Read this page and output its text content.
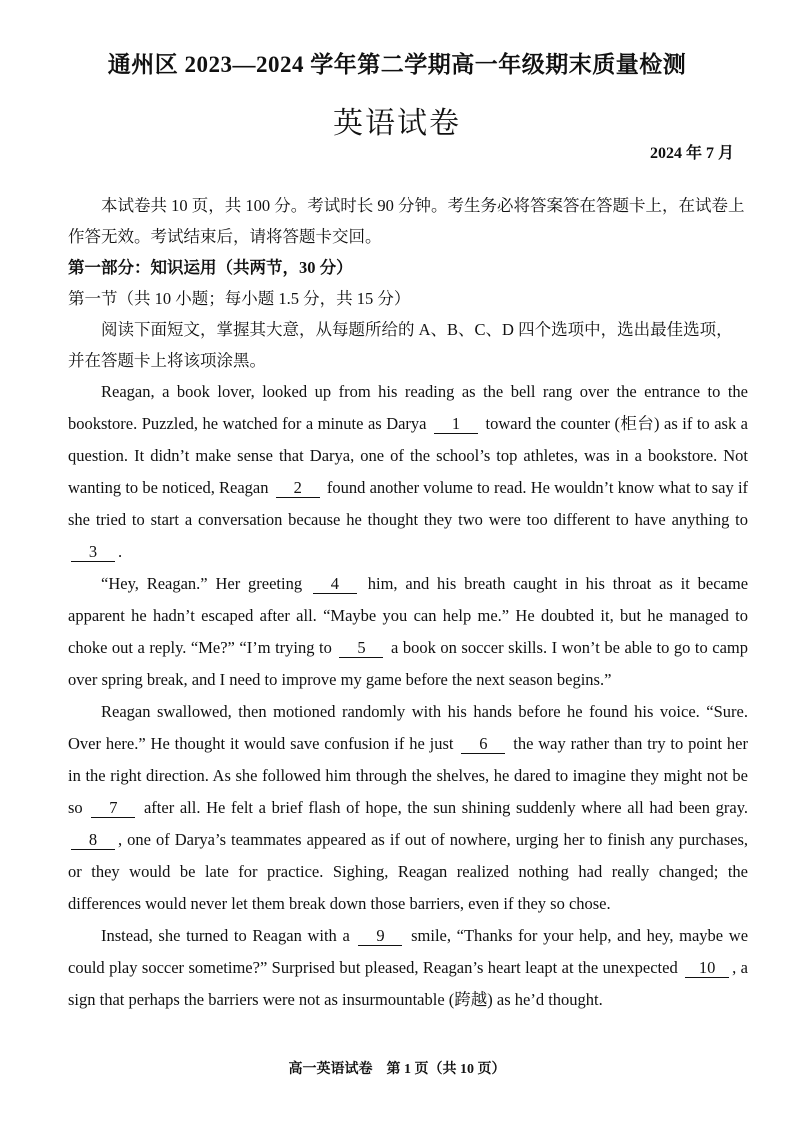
通州区 2023—2024 学年第二学期高一年级期末质量检测
英语试卷
2024 年 7 月

本试卷共 10 页，共 100 分。考试时长 90 分钟。考生务必将答案答在答题卡上，在试卷上作答无效。考试结束后，请将答题卡交回。

第一部分：知识运用（共两节，30 分）

第一节（共 10 小题；每小题 1.5 分，共 15 分）

阅读下面短文，掌握其大意，从每题所给的 A、B、C、D 四个选项中，选出最佳选项，并在答题卡上将该项涂黑。

Reagan, a book lover, looked up from his reading as the bell rang over the entrance to the bookstore. Puzzled, he watched for a minute as Darya 1 toward the counter (柜台) as if to ask a question. It didn’t make sense that Darya, one of the school’s top athletes, was in a bookstore. Not wanting to be noticed, Reagan 2 found another volume to read. He wouldn’t know what to say if she tried to start a conversation because he thought they two were too different to have anything to 3 .

“Hey, Reagan.” Her greeting 4 him, and his breath caught in his throat as it became apparent he hadn’t escaped after all. “Maybe you can help me.” He doubted it, but he managed to choke out a reply. “Me?” “I’m trying to 5 a book on soccer skills. I won’t be able to go to camp over spring break, and I need to improve my game before the next season begins.”

Reagan swallowed, then motioned randomly with his hands before he found his voice. “Sure. Over here.” He thought it would save confusion if he just 6 the way rather than try to point her in the right direction. As she followed him through the shelves, he dared to imagine they might not be so 7 after all. He felt a brief flash of hope, the sun shining suddenly where all had been gray. 8 , one of Darya’s teammates appeared as if out of nowhere, urging her to finish any purchases, or they would be late for practice. Sighing, Reagan realized nothing had really changed; the differences would never let them break down those barriers, even if they so chose.

Instead, she turned to Reagan with a 9 smile, “Thanks for your help, and hey, maybe we could play soccer sometime?” Surprised but pleased, Reagan’s heart leapt at the unexpected 10 , a sign that perhaps the barriers were not as insurmountable (跨越) as he’d thought.

高一英语试卷　第 1 页（共 10 页）
